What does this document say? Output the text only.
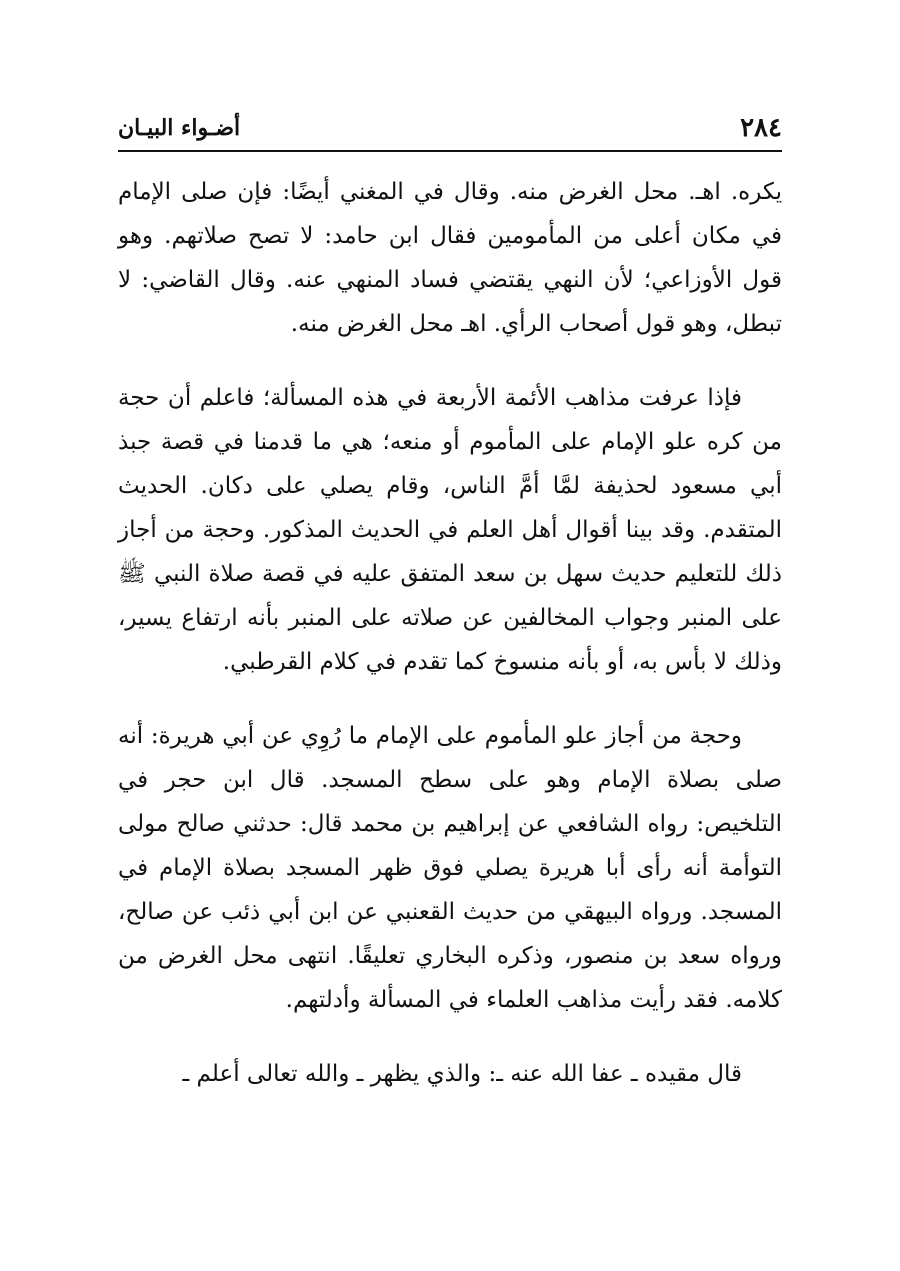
٢٨٤
أضـواء البيـان

يكره. اهـ. محل الغرض منه. وقال في المغني أيضًا: فإن صلى الإمام في مكان أعلى من المأمومين فقال ابن حامد: لا تصح صلاتهم. وهو قول الأوزاعي؛ لأن النهي يقتضي فساد المنهي عنه. وقال القاضي: لا تبطل، وهو قول أصحاب الرأي. اهـ محل الغرض منه.

فإذا عرفت مذاهب الأئمة الأربعة في هذه المسألة؛ فاعلم أن حجة من كره علو الإمام على المأموم أو منعه؛ هي ما قدمنا في قصة جبذ أبي مسعود لحذيفة لمَّا أمَّ الناس، وقام يصلي على دكان. الحديث المتقدم. وقد بينا أقوال أهل العلم في الحديث المذكور. وحجة من أجاز ذلك للتعليم حديث سهل بن سعد المتفق عليه في قصة صلاة النبي ﷺ على المنبر وجواب المخالفين عن صلاته على المنبر بأنه ارتفاع يسير، وذلك لا بأس به، أو بأنه منسوخ كما تقدم في كلام القرطبي.

وحجة من أجاز علو المأموم على الإمام ما رُوِي عن أبي هريرة: أنه صلى بصلاة الإمام وهو على سطح المسجد. قال ابن حجر في التلخيص: رواه الشافعي عن إبراهيم بن محمد قال: حدثني صالح مولى التوأمة أنه رأى أبا هريرة يصلي فوق ظهر المسجد بصلاة الإمام في المسجد. ورواه البيهقي من حديث القعنبي عن ابن أبي ذئب عن صالح، ورواه سعد بن منصور، وذكره البخاري تعليقًا. انتهى محل الغرض من كلامه. فقد رأيت مذاهب العلماء في المسألة وأدلتهم.

قال مقيده ـ عفا الله عنه ـ: والذي يظهر ـ والله تعالى أعلم ـ
